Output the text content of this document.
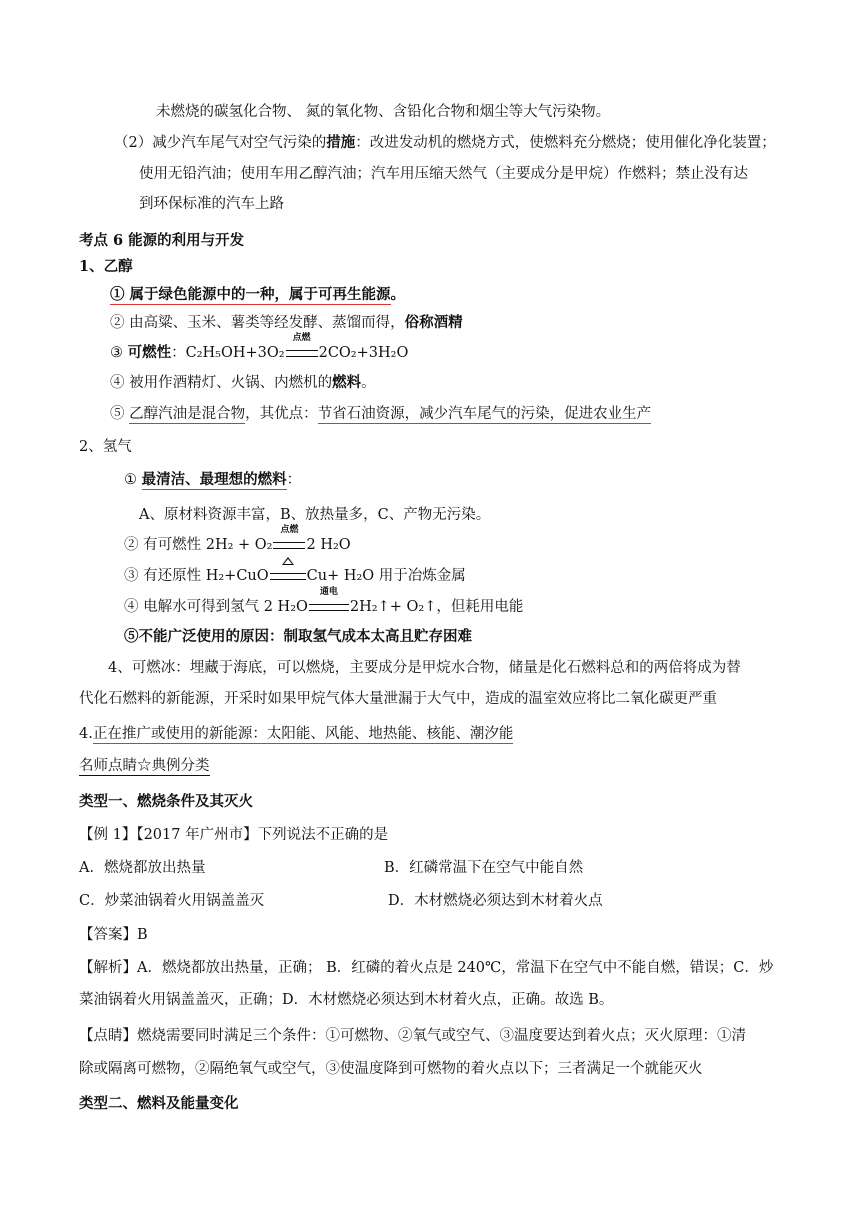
未燃烧的碳氢化合物、 氮的氧化物、含铅化合物和烟尘等大气污染物。
（2）减少汽车尾气对空气污染的措施：改进发动机的燃烧方式，使燃料充分燃烧；使用催化净化装置；
使用无铅汽油；使用车用乙醇汽油；汽车用压缩天然气（主要成分是甲烷）作燃料；禁止没有达
到环保标准的汽车上路
考点 6 能源的利用与开发
1、乙醇
① 属于绿色能源中的一种，属于可再生能源。
② 由高粱、玉米、薯类等经发酵、蒸馏而得，俗称酒精
③ 可燃性：C₂H₅OH+3O₂
点燃
2CO₂+3H₂O
④ 被用作酒精灯、火锅、内燃机的燃料。
⑤ 乙醇汽油是混合物，其优点：节省石油资源，减少汽车尾气的污染，促进农业生产
2、氢气
① 最清洁、最理想的燃料：
A、原材料资源丰富，B、放热量多，C、产物无污染。
② 有可燃性 2H₂ + O₂
点燃
2 H₂O
③ 有还原性 H₂+CuO	Cu+ H₂O 用于冶炼金属
④ 电解水可得到氢气 2 H₂O
通电
2H₂↑+ O₂↑，但耗用电能
⑤不能广泛使用的原因：制取氢气成本太高且贮存困难
4、可燃冰：埋藏于海底，可以燃烧，主要成分是甲烷水合物，储量是化石燃料总和的两倍将成为替
代化石燃料的新能源，开采时如果甲烷气体大量泄漏于大气中，造成的温室效应将比二氧化碳更严重
4.正在推广或使用的新能源：太阳能、风能、地热能、核能、潮汐能
名师点睛☆典例分类
类型一、燃烧条件及其灭火
【例 1】【2017 年广州市】下列说法不正确的是
A．燃烧都放出热量	B．红磷常温下在空气中能自然
C．炒菜油锅着火用锅盖盖灭	D．木材燃烧必须达到木材着火点
【答案】B
【解析】A．燃烧都放出热量，正确； B．红磷的着火点是 240℃，常温下在空气中不能自燃，错误；C．炒
菜油锅着火用锅盖盖灭，正确；D．木材燃烧必须达到木材着火点，正确。故选 B。
【点睛】燃烧需要同时满足三个条件：①可燃物、②氧气或空气、③温度要达到着火点；灭火原理：①清
除或隔离可燃物，②隔绝氧气或空气，③使温度降到可燃物的着火点以下；三者满足一个就能灭火
类型二、燃料及能量变化
